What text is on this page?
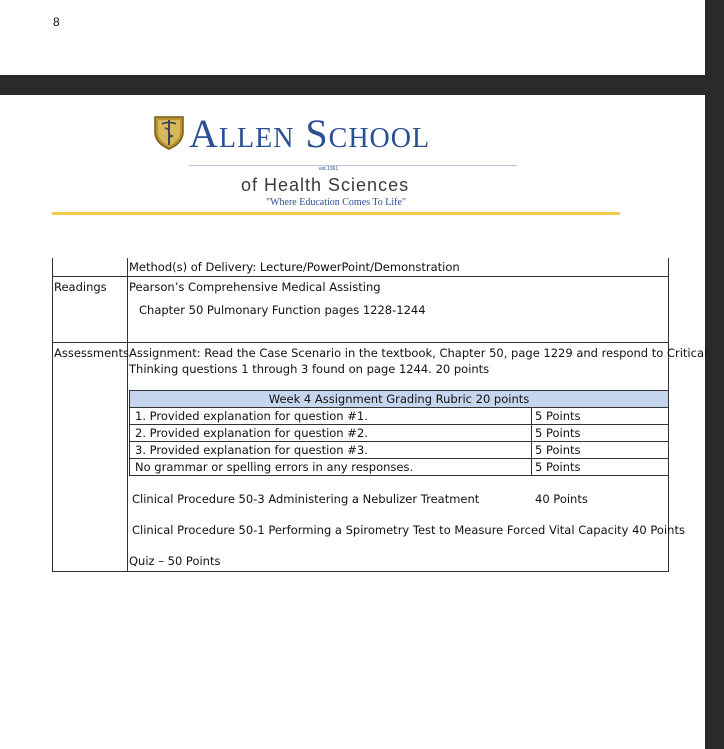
8
Allen School
est.1961
of Health Sciences
"Where Education Comes To Life"
Method(s) of Delivery: Lecture/PowerPoint/Demonstration
Readings Pearson’s Comprehensive Medical Assisting
Chapter 50 Pulmonary Function pages 1228-1244
Assessments Assignment: Read the Case Scenario in the textbook, Chapter 50, page 1229 and respond to Critical
Thinking questions 1 through 3 found on page 1244. 20 points
Week 4 Assignment Grading Rubric 20 points
1. Provided explanation for question #1.	5 Points
2. Provided explanation for question #2.	5 Points
3. Provided explanation for question #3.	5 Points
No grammar or spelling errors in any responses.	5 Points
Clinical Procedure 50-3 Administering a Nebulizer Treatment	40 Points
Clinical Procedure 50-1 Performing a Spirometry Test to Measure Forced Vital Capacity 40 Points
Quiz – 50 Points
